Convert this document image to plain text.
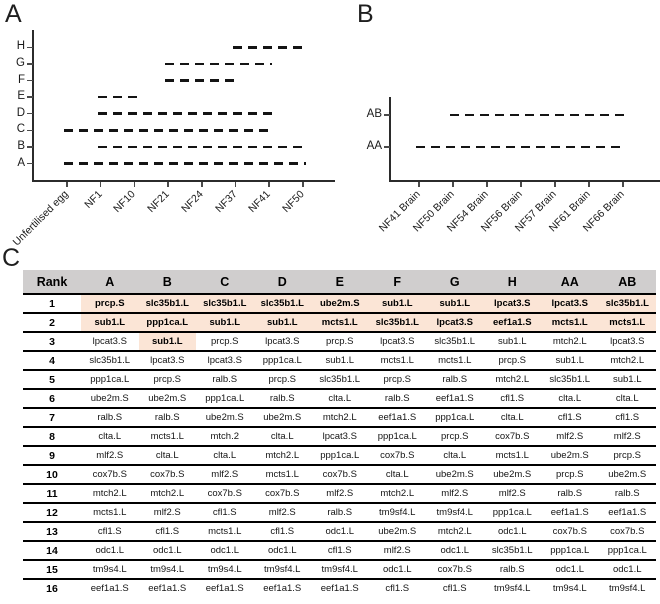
A	B
C
Unfertilised egg	NF1 NF10 NF21 NF24 NF37 NF41 NF50
A
B
C
D
E
F
G
H
NF41 Brain
NF50 Brain
NF54 Brain
NF56 Brain
NF57 Brain
NF61 Brain
NF66 Brain
AA
AB
Rank	A	B	C	D	E	F	G	H	AA	AB
1	prcp.S	slc35b1.L	slc35b1.L	slc35b1.L	ube2m.S	sub1.L	sub1.L	lpcat3.S	lpcat3.S	slc35b1.L
2	sub1.L	ppp1ca.L	sub1.L	sub1.L	mcts1.L	slc35b1.L	lpcat3.S	eef1a1.S	mcts1.L	mcts1.L
3	lpcat3.S	sub1.L	prcp.S	lpcat3.S	prcp.S	lpcat3.S	slc35b1.L	sub1.L	mtch2.L	lpcat3.S
4	slc35b1.L	lpcat3.S	lpcat3.S	ppp1ca.L	sub1.L	mcts1.L	mcts1.L	prcp.S	sub1.L	mtch2.L
5	ppp1ca.L	prcp.S	ralb.S	prcp.S	slc35b1.L	prcp.S	ralb.S	mtch2.L	slc35b1.L	sub1.L
6	ube2m.S	ube2m.S	ppp1ca.L	ralb.S	clta.L	ralb.S	eef1a1.S	cfl1.S	clta.L	clta.L
7	ralb.S	ralb.S	ube2m.S	ube2m.S	mtch2.L	eef1a1.S	ppp1ca.L	clta.L	cfl1.S	cfl1.S
8	clta.L	mcts1.L	mtch.2	clta.L	lpcat3.S	ppp1ca.L	prcp.S	cox7b.S	mlf2.S	mlf2.S
9	mlf2.S	clta.L	clta.L	mtch2.L	ppp1ca.L	cox7b.S	clta.L	mcts1.L	ube2m.S	prcp.S
10	cox7b.S	cox7b.S	mlf2.S	mcts1.L	cox7b.S	clta.L	ube2m.S	ube2m.S	prcp.S	ube2m.S
11	mtch2.L	mtch2.L	cox7b.S	cox7b.S	mlf2.S	mtch2.L	mlf2.S	mlf2.S	ralb.S	ralb.S
12	mcts1.L	mlf2.S	cfl1.S	mlf2.S	ralb.S	tm9sf4.L	tm9sf4.L	ppp1ca.L	eef1a1.S	eef1a1.S
13	cfl1.S	cfl1.S	mcts1.L	cfl1.S	odc1.L	ube2m.S	mtch2.L	odc1.L	cox7b.S	cox7b.S
14	odc1.L	odc1.L	odc1.L	odc1.L	cfl1.S	mlf2.S	odc1.L	slc35b1.L	ppp1ca.L	ppp1ca.L
15	tm9s4.L	tm9s4.L	tm9s4.L	tm9sf4.L	tm9sf4.L	odc1.L	cox7b.S	ralb.S	odc1.L	odc1.L
16	eef1a1.S	eef1a1.S	eef1a1.S	eef1a1.S	eef1a1.S	cfl1.S	cfl1.S	tm9sf4.L	tm9s4.L	tm9sf4.L
